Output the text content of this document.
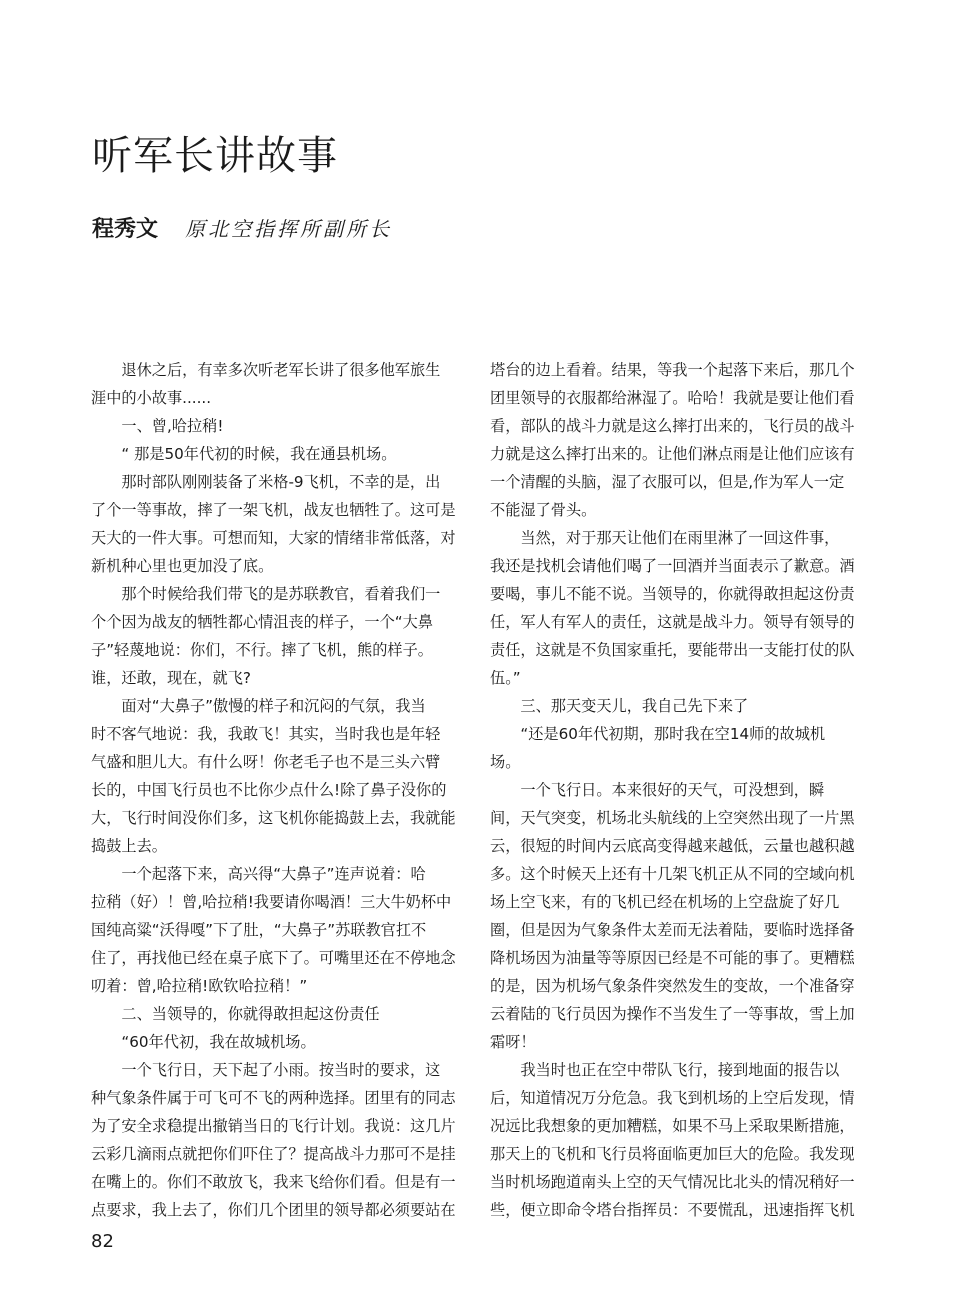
听军长讲故事
程秀文 原北空指挥所副所长

　　退休之后，有幸多次听老军长讲了很多他军旅生

涯中的小故事......

　　一、曾,哈拉稍!

　　“ 那是50年代初的时候，我在通县机场。

　　那时部队刚刚装备了米格-9飞机，不幸的是，出

了个一等事故，摔了一架飞机，战友也牺牲了。这可是

天大的一件大事。可想而知，大家的情绪非常低落，对

新机种心里也更加没了底。

　　那个时候给我们带飞的是苏联教官，看着我们一

个个因为战友的牺牲都心情沮丧的样子，一个“大鼻

子”轻蔑地说：你们，不行。摔了飞机，熊的样子。

谁，还敢，现在，就飞?

　　面对“大鼻子”傲慢的样子和沉闷的气氛，我当

时不客气地说：我，我敢飞！其实，当时我也是年轻

气盛和胆儿大。有什么呀！你老毛子也不是三头六臂

长的，中国飞行员也不比你少点什么!除了鼻子没你的

大，飞行时间没你们多，这飞机你能捣鼓上去，我就能

捣鼓上去。

　　一个起落下来，高兴得“大鼻子”连声说着：哈

拉稍（好）！曾,哈拉稍!我要请你喝酒！三大牛奶杯中

国纯高粱“沃得嘎”下了肚，“大鼻子”苏联教官扛不

住了，再找他已经在桌子底下了。可嘴里还在不停地念

叨着：曾,哈拉稍!欧钦哈拉稍！”

　　二、当领导的，你就得敢担起这份责任

　　“60年代初，我在故城机场。

　　一个飞行日，天下起了小雨。按当时的要求，这

种气象条件属于可飞可不飞的两种选择。团里有的同志

为了安全求稳提出撤销当日的飞行计划。我说：这几片

云彩几滴雨点就把你们吓住了？提高战斗力那可不是挂

在嘴上的。你们不敢放飞，我来飞给你们看。但是有一

点要求，我上去了，你们几个团里的领导都必须要站在

塔台的边上看着。结果，等我一个起落下来后，那几个

团里领导的衣服都给淋湿了。哈哈！我就是要让他们看

看，部队的战斗力就是这么摔打出来的，飞行员的战斗

力就是这么摔打出来的。让他们淋点雨是让他们应该有

一个清醒的头脑，湿了衣服可以，但是,作为军人一定

不能湿了骨头。

　　当然，对于那天让他们在雨里淋了一回这件事，

我还是找机会请他们喝了一回酒并当面表示了歉意。酒

要喝，事儿不能不说。当领导的，你就得敢担起这份责

任，军人有军人的责任，这就是战斗力。领导有领导的

责任，这就是不负国家重托，要能带出一支能打仗的队

伍。”

　　三、那天变天儿，我自己先下来了

　　“还是60年代初期，那时我在空14师的故城机

场。

　　一个飞行日。本来很好的天气，可没想到，瞬

间，天气突变，机场北头航线的上空突然出现了一片黑

云，很短的时间内云底高变得越来越低，云量也越积越

多。这个时候天上还有十几架飞机正从不同的空域向机

场上空飞来，有的飞机已经在机场的上空盘旋了好几

圈，但是因为气象条件太差而无法着陆，要临时选择备

降机场因为油量等等原因已经是不可能的事了。更糟糕

的是，因为机场气象条件突然发生的变故，一个准备穿

云着陆的飞行员因为操作不当发生了一等事故，雪上加

霜呀！

　　我当时也正在空中带队飞行，接到地面的报告以

后，知道情况万分危急。我飞到机场的上空后发现，情

况远比我想象的更加糟糕，如果不马上采取果断措施，

那天上的飞机和飞行员将面临更加巨大的危险。我发现

当时机场跑道南头上空的天气情况比北头的情况稍好一

些，便立即命令塔台指挥员：不要慌乱，迅速指挥飞机

82
